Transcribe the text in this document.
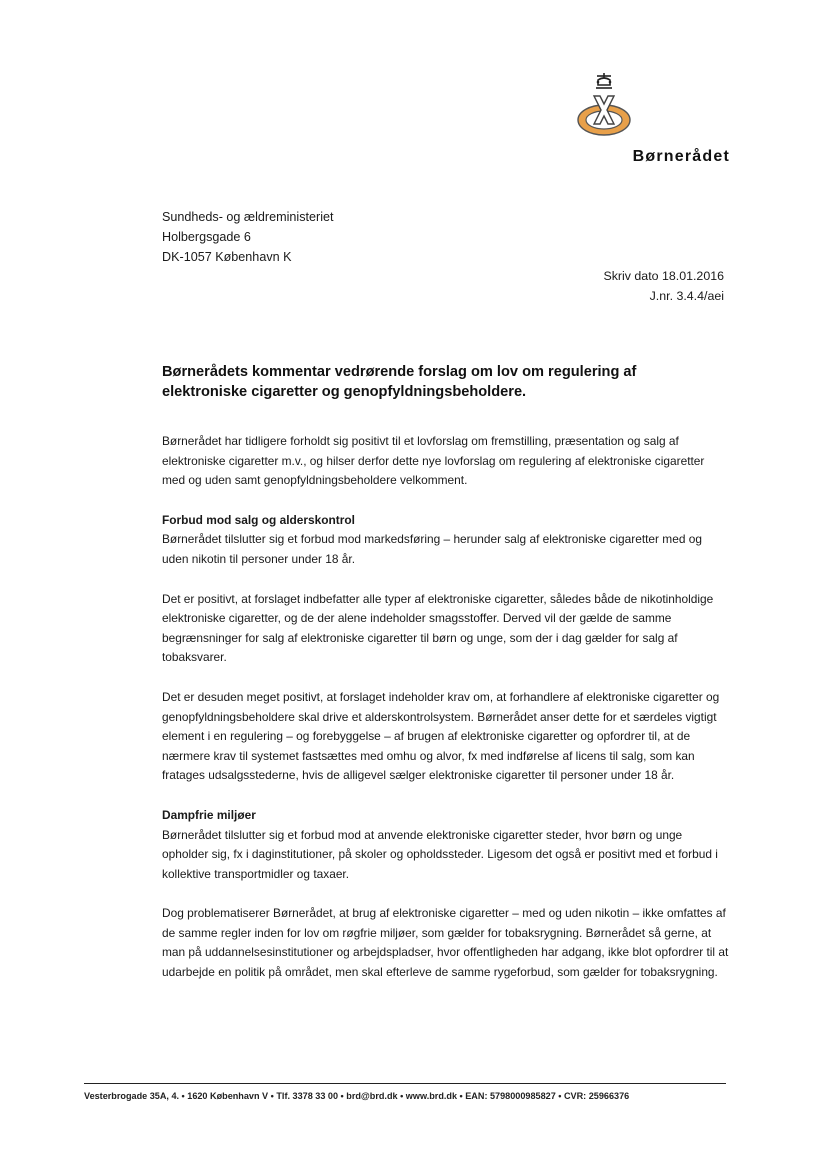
Børnerådet
Sundheds- og ældreministeriet
Holbergsgade 6
DK-1057 København K
Skriv dato 18.01.2016
J.nr. 3.4.4/aei
Børnerådets kommentar vedrørende forslag om lov om regulering af elektroniske cigaretter og genopfyldningsbeholdere.

Børnerådet har tidligere forholdt sig positivt til et lovforslag om fremstilling, præsentation og salg af elektroniske cigaretter m.v., og hilser derfor dette nye lovforslag om regulering af elektroniske cigaretter med og uden samt genopfyldningsbeholdere velkomment.

Forbud mod salg og alderskontrol

Børnerådet tilslutter sig et forbud mod markedsføring – herunder salg af elektroniske cigaretter med og uden nikotin til personer under 18 år.

Det er positivt, at forslaget indbefatter alle typer af elektroniske cigaretter, således både de nikotinholdige elektroniske cigaretter, og de der alene indeholder smagsstoffer. Derved vil der gælde de samme begrænsninger for salg af elektroniske cigaretter til børn og unge, som der i dag gælder for salg af tobaksvarer.

Det er desuden meget positivt, at forslaget indeholder krav om, at forhandlere af elektroniske cigaretter og genopfyldningsbeholdere skal drive et alderskontrolsystem. Børnerådet anser dette for et særdeles vigtigt element i en regulering – og forebyggelse – af brugen af elektroniske cigaretter og opfordrer til, at de nærmere krav til systemet fastsættes med omhu og alvor, fx med indførelse af licens til salg, som kan fratages udsalgsstederne, hvis de alligevel sælger elektroniske cigaretter til personer under 18 år.

Dampfrie miljøer

Børnerådet tilslutter sig et forbud mod at anvende elektroniske cigaretter steder, hvor børn og unge opholder sig, fx i daginstitutioner, på skoler og opholdssteder. Ligesom det også er positivt med et forbud i kollektive transportmidler og taxaer.

Dog problematiserer Børnerådet, at brug af elektroniske cigaretter – med og uden nikotin – ikke omfattes af de samme regler inden for lov om røgfrie miljøer, som gælder for tobaksrygning. Børnerådet så gerne, at man på uddannelsesinstitutioner og arbejdspladser, hvor offentligheden har adgang, ikke blot opfordrer til at udarbejde en politik på området, men skal efterleve de samme rygeforbud, som gælder for tobaksrygning.

Vesterbrogade 35A, 4. • 1620 København V • Tlf. 3378 33 00 • brd@brd.dk • www.brd.dk • EAN: 5798000985827 • CVR: 25966376
